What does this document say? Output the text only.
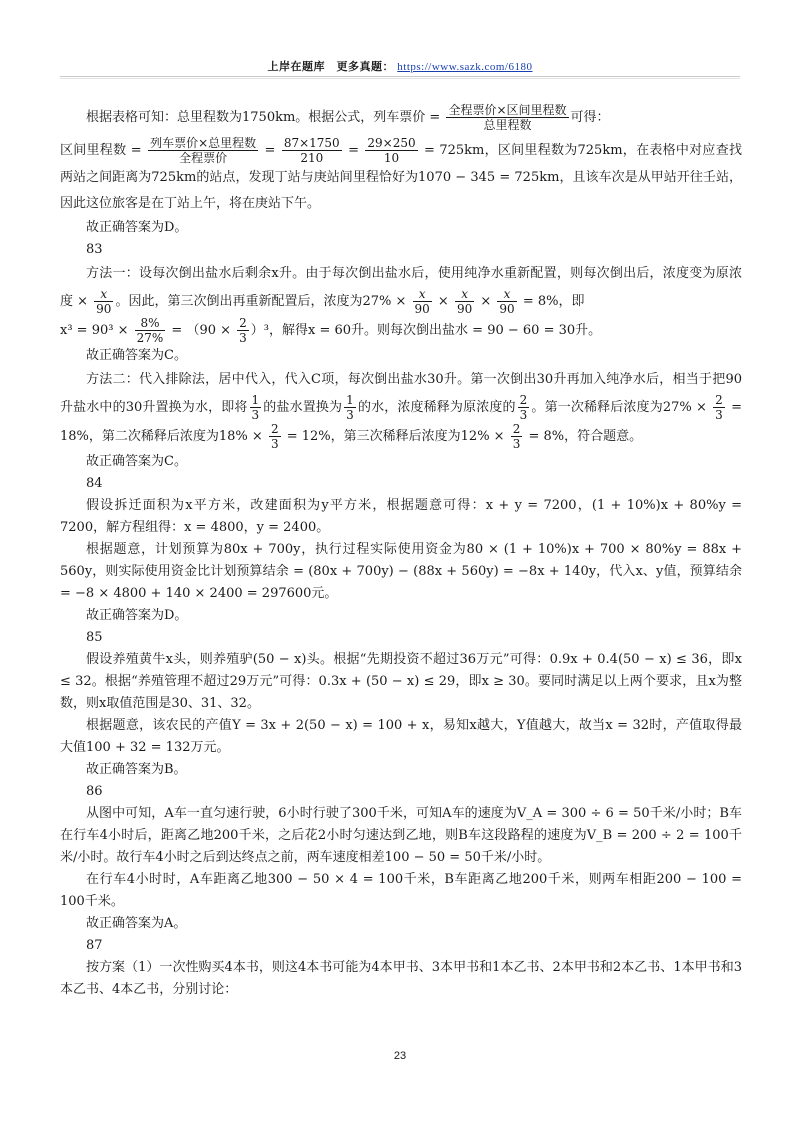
上岸在题库　更多真题： https://www.sazk.com/6180

根据表格可知：总里程数为1750km。根据公式，列车票价 = $\frac{\text{全程票价×区间里程数}}{\text{总里程数}}$ 可得：

区间里程数 = $\frac{\text{列车票价×总里程数}}{\text{全程票价}} = \frac{87\times 1750}{210} = \frac{29\times 250}{10} = 725km$，区间里程数为725km，在表格中对应查找两站之间距离为725km的站点，发现丁站与庚站间里程恰好为1070 − 345 = 725km，且该车次是从甲站开往壬站，因此这位旅客是在丁站上午，将在庚站下午。

故正确答案为D。

83

方法一：设每次倒出盐水后剩余x升。由于每次倒出盐水后，使用纯净水重新配置，则每次倒出后，浓度变为原浓度 × $\frac{x}{90}$ 。因此，第三次倒出再重新配置后，浓度为$27\% \times \frac{x}{90} \times \frac{x}{90} \times \frac{x}{90} = 8\%$，即

$x^3 = 90^3 \times \frac{8\%}{27\%} = (90 \times \frac{2}{3} )^3$，解得x = 60升。则每次倒出盐水 = 90 − 60 = 30升。

故正确答案为C。

方法二：代入排除法，居中代入，代入C项，每次倒出盐水30升。第一次倒出30升再加入纯净水后，相当于把90升盐水中的30升置换为水，即将 $\frac{1}{3}$ 的盐水置换为 $\frac{1}{3}$ 的水，浓度稀释为原浓度的 $\frac{2}{3}$ 。第一次稀释后浓度为$27\% \times \frac{2}{3} = 18\%$，第二次稀释后浓度为$18\% \times \frac{2}{3} = 12\%$，第三次稀释后浓度为$12\% \times \frac{2}{3} = 8\%$，符合题意。

故正确答案为C。

84

假设拆迁面积为x平方米，改建面积为y平方米，根据题意可得：x + y = 7200，(1 + 10%)x + 80%y = 7200，解方程组得：x = 4800，y = 2400。

根据题意，计划预算为80x + 700y，执行过程实际使用资金为80 × (1 + 10%)x + 700 × 80%y = 88x + 560y，则实际使用资金比计划预算结余 = (80x + 700y) − (88x + 560y) = −8x + 140y，代入x、y值，预算结余 = −8 × 4800 + 140 × 2400 = 297600元。

故正确答案为D。

85

假设养殖黄牛x头，则养殖驴(50 − x)头。根据“先期投资不超过36万元”可得：0.9x + 0.4(50 − x) ≤ 36，即x ≤ 32。根据“养殖管理不超过29万元”可得：0.3x + (50 − x) ≤ 29，即x ≥ 30。要同时满足以上两个要求，且x为整数，则x取值范围是30、31、32。

根据题意，该农民的产值Y = 3x + 2(50 − x) = 100 + x，易知x越大，Y值越大，故当x = 32时，产值取得最大值100 + 32 = 132万元。

故正确答案为B。

86

从图中可知，A车一直匀速行驶，6小时行驶了300千米，可知A车的速度为V_A = 300 ÷ 6 = 50千米/小时；B车在行车4小时后，距离乙地200千米，之后花2小时匀速达到乙地，则B车这段路程的速度为V_B = 200 ÷ 2 = 100千米/小时。故行车4小时之后到达终点之前，两车速度相差100 − 50 = 50千米/小时。

在行车4小时时，A车距离乙地300 − 50 × 4 = 100千米，B车距离乙地200千米，则两车相距200 − 100 = 100千米。

故正确答案为A。

87

按方案（1）一次性购买4本书，则这4本书可能为4本甲书、3本甲书和1本乙书、2本甲书和2本乙书、1本甲书和3本乙书、4本乙书，分别讨论：

23
